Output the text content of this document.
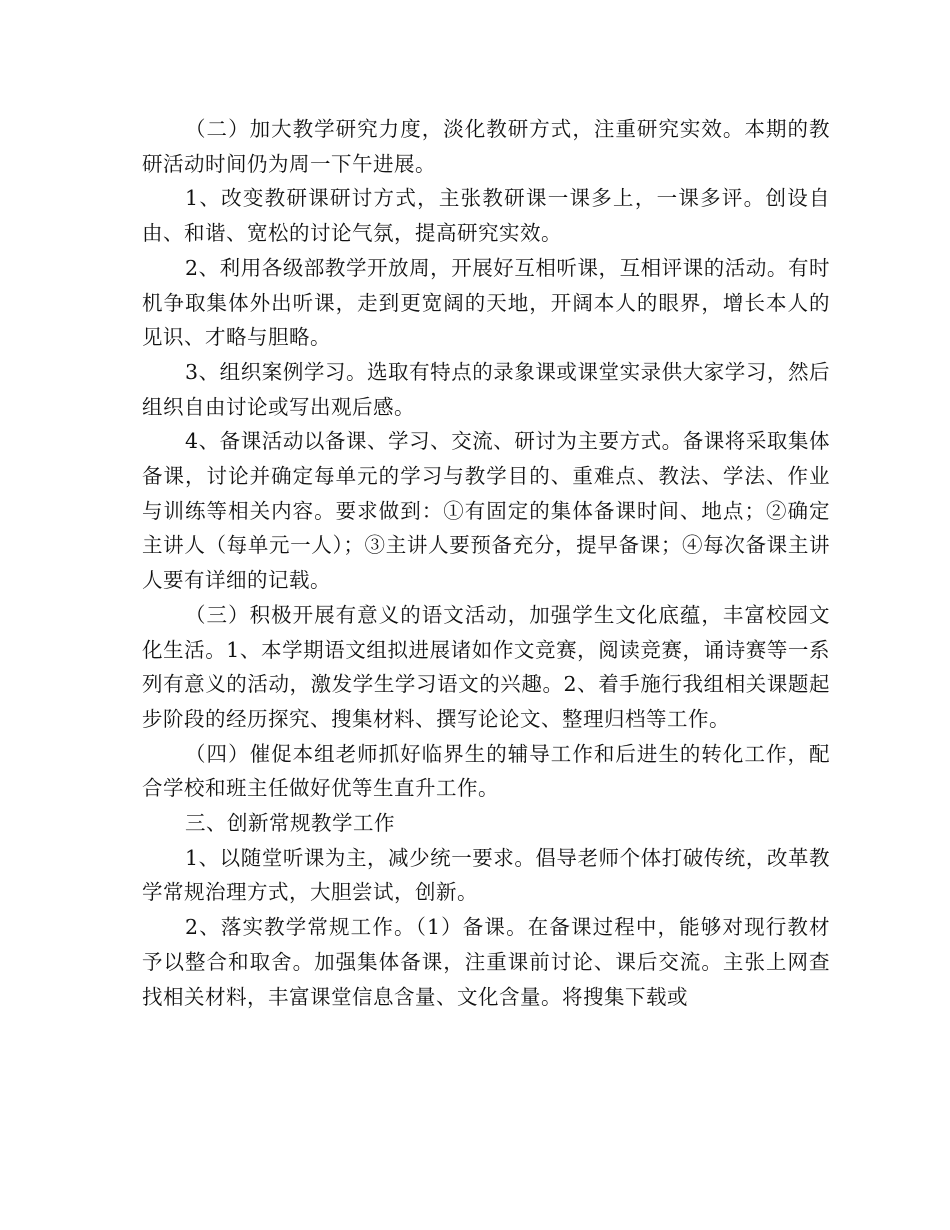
（二）加大教学研究力度，淡化教研方式，注重研究实效。本期的教研活动时间仍为周一下午进展。

1、改变教研课研讨方式，主张教研课一课多上，一课多评。创设自由、和谐、宽松的讨论气氛，提高研究实效。

2、利用各级部教学开放周，开展好互相听课，互相评课的活动。有时机争取集体外出听课，走到更宽阔的天地，开阔本人的眼界，增长本人的见识、才略与胆略。

3、组织案例学习。选取有特点的录象课或课堂实录供大家学习，然后组织自由讨论或写出观后感。

4、备课活动以备课、学习、交流、研讨为主要方式。备课将采取集体备课，讨论并确定每单元的学习与教学目的、重难点、教法、学法、作业与训练等相关内容。要求做到：①有固定的集体备课时间、地点；②确定主讲人（每单元一人）；③主讲人要预备充分，提早备课；④每次备课主讲人要有详细的记载。

（三）积极开展有意义的语文活动，加强学生文化底蕴，丰富校园文化生活。1、本学期语文组拟进展诸如作文竞赛，阅读竞赛，诵诗赛等一系列有意义的活动，激发学生学习语文的兴趣。2、着手施行我组相关课题起步阶段的经历探究、搜集材料、撰写论论文、整理归档等工作。

（四）催促本组老师抓好临界生的辅导工作和后进生的转化工作，配合学校和班主任做好优等生直升工作。

三、创新常规教学工作

1、以随堂听课为主，减少统一要求。倡导老师个体打破传统，改革教学常规治理方式，大胆尝试，创新。

2、落实教学常规工作。（1）备课。在备课过程中，能够对现行教材予以整合和取舍。加强集体备课，注重课前讨论、课后交流。主张上网查找相关材料，丰富课堂信息含量、文化含量。将搜集下载或
